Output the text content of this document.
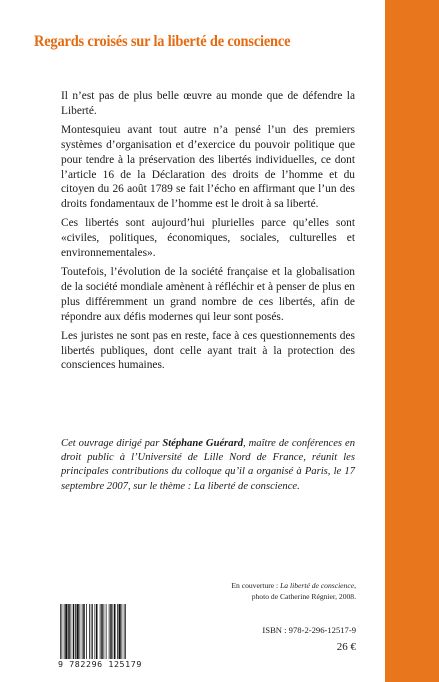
Regards croisés sur la liberté de conscience

Il n’est pas de plus belle œuvre au monde que de défendre la Liberté.

Montesquieu avant tout autre n’a pensé l’un des premiers systèmes d’organisation et d’exercice du pouvoir politique que pour tendre à la préservation des libertés individuelles, ce dont l’article 16 de la Déclaration des droits de l’homme et du citoyen du 26 août 1789 se fait l’écho en affirmant que l’un des droits fondamentaux de l’homme est le droit à sa liberté.

Ces libertés sont aujourd’hui plurielles parce qu’elles sont «civiles, politiques, économiques, sociales, culturelles et environnementales».

Toutefois, l’évolution de la société française et la globalisation de la société mondiale amènent à réfléchir et à penser de plus en plus différemment un grand nombre de ces libertés, afin de répondre aux défis modernes qui leur sont posés.

Les juristes ne sont pas en reste, face à ces questionnements des libertés publiques, dont celle ayant trait à la protection des consciences humaines.

Cet ouvrage dirigé par Stéphane Guérard, maître de conférences en droit public à l’Université de Lille Nord de France, réunit les principales contributions du colloque qu’il a organisé à Paris, le 17 septembre 2007, sur le thème : La liberté de conscience.
En couverture : La liberté de conscience,
photo de Catherine Régnier, 2008.
9 782296 125179
ISBN : 978-2-296-12517-9
26 €
